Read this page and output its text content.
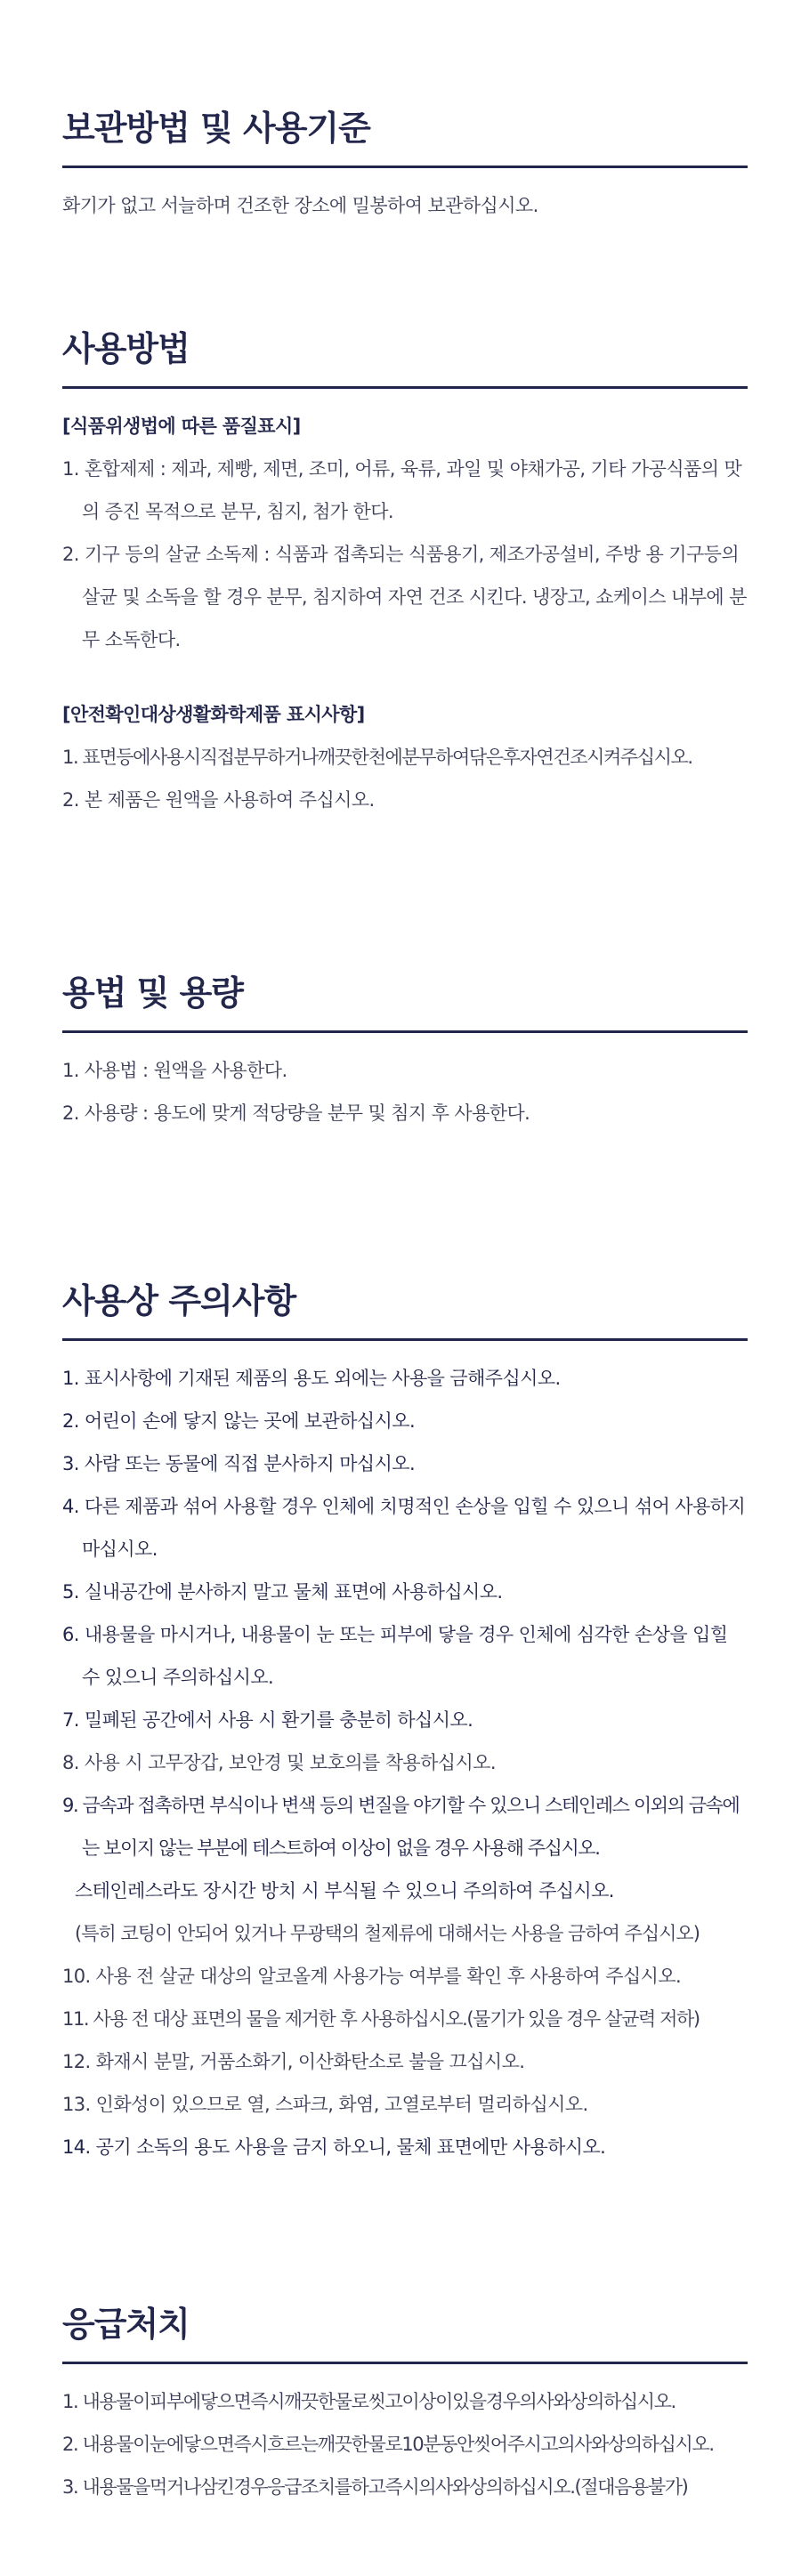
보관방법 및 사용기준

화기가 없고 서늘하며 건조한 장소에 밀봉하여 보관하십시오.

사용방법

[식품위생법에 따른 품질표시]

1. 혼합제제 : 제과, 제빵, 제면, 조미, 어류, 육류, 과일 및 야채가공, 기타 가공식품의 맛의 증진 목적으로 분무, 침지, 첨가 한다.

2. 기구 등의 살균 소독제 : 식품과 접촉되는 식품용기, 제조가공설비, 주방 용 기구등의 살균 및 소독을 할 경우 분무, 침지하여 자연 건조 시킨다. 냉장고, 쇼케이스 내부에 분무 소독한다.

[안전확인대상생활화학제품 표시사항]

1. 표면등에사용시직접분무하거나깨끗한천에분무하여닦은후자연건조시켜주십시오.

2. 본 제품은 원액을 사용하여 주십시오.

용법 및 용량

1. 사용법 : 원액을 사용한다.

2. 사용량 : 용도에 맞게 적당량을 분무 및 침지 후 사용한다.

사용상 주의사항

1. 표시사항에 기재된 제품의 용도 외에는 사용을 금해주십시오.

2. 어린이 손에 닿지 않는 곳에 보관하십시오.

3. 사람 또는 동물에 직접 분사하지 마십시오.

4. 다른 제품과 섞어 사용할 경우 인체에 치명적인 손상을 입힐 수 있으니 섞어 사용하지 마십시오.

5. 실내공간에 분사하지 말고 물체 표면에 사용하십시오.

6. 내용물을 마시거나, 내용물이 눈 또는 피부에 닿을 경우 인체에 심각한 손상을 입힐 수 있으니 주의하십시오.

7. 밀폐된 공간에서 사용 시 환기를 충분히 하십시오.

8. 사용 시 고무장갑, 보안경 및 보호의를 착용하십시오.

9. 금속과 접촉하면 부식이나 변색 등의 변질을 야기할 수 있으니 스테인레스 이외의 금속에는 보이지 않는 부분에 테스트하여 이상이 없을 경우 사용해 주십시오.

스테인레스라도 장시간 방치 시 부식될 수 있으니 주의하여 주십시오.

(특히 코팅이 안되어 있거나 무광택의 철제류에 대해서는 사용을 금하여 주십시오)

10. 사용 전 살균 대상의 알코올계 사용가능 여부를 확인 후 사용하여 주십시오.

11. 사용 전 대상 표면의 물을 제거한 후 사용하십시오.(물기가 있을 경우 살균력 저하)

12. 화재시 분말, 거품소화기, 이산화탄소로 불을 끄십시오.

13. 인화성이 있으므로 열, 스파크, 화염, 고열로부터 멀리하십시오.

14. 공기 소독의 용도 사용을 금지 하오니, 물체 표면에만 사용하시오.

응급처치

1. 내용물이피부에닿으면즉시깨끗한물로씻고이상이있을경우의사와상의하십시오.

2. 내용물이눈에닿으면즉시흐르는깨끗한물로10분동안씻어주시고의사와상의하십시오.

3. 내용물을먹거나삼킨경우응급조치를하고즉시의사와상의하십시오.(절대음용불가)
